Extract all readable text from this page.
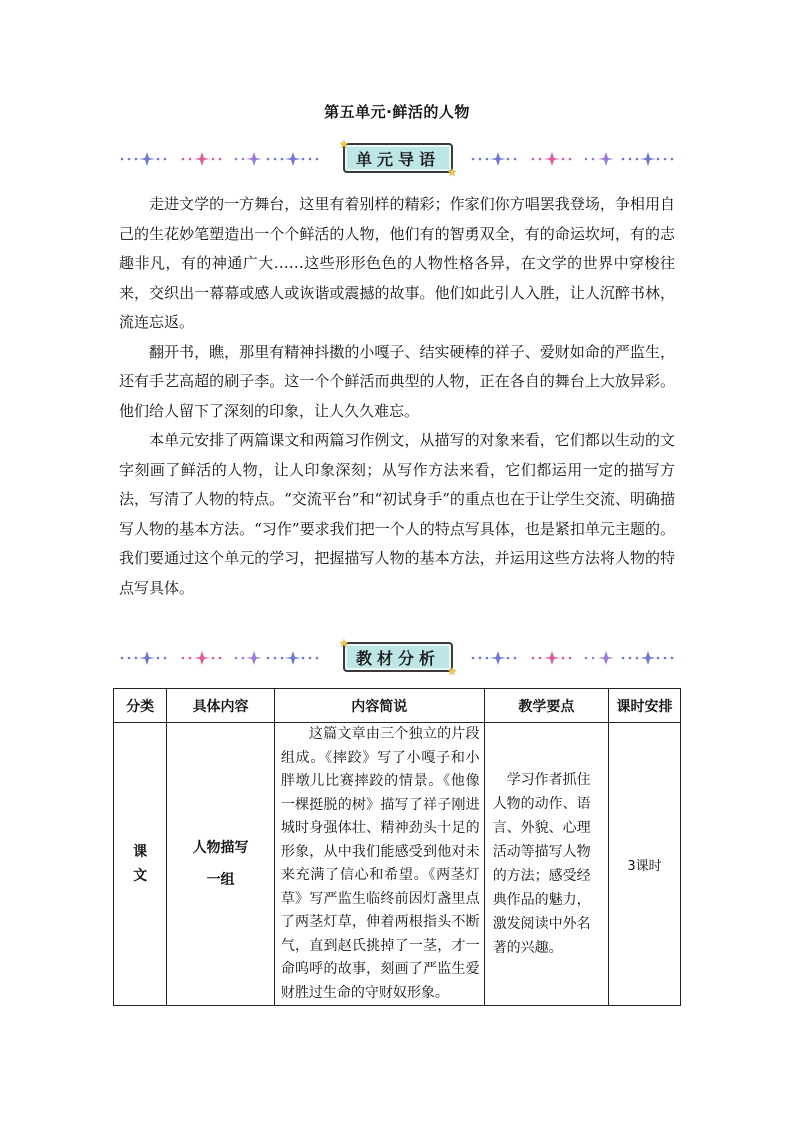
第五单元·鲜活的人物
★
单元导语
★

走进文学的一方舞台，这里有着别样的精彩；作家们你方唱罢我登场，争相用自己的生花妙笔塑造出一个个鲜活的人物，他们有的智勇双全，有的命运坎坷，有的志趣非凡，有的神通广大……这些形形色色的人物性格各异，在文学的世界中穿梭往来，交织出一幕幕或感人或诙谐或震撼的故事。他们如此引人入胜，让人沉醉书林，流连忘返。

翻开书，瞧，那里有精神抖擞的小嘎子、结实硬棒的祥子、爱财如命的严监生，还有手艺高超的刷子李。这一个个鲜活而典型的人物，正在各自的舞台上大放异彩。他们给人留下了深刻的印象，让人久久难忘。

本单元安排了两篇课文和两篇习作例文，从描写的对象来看，它们都以生动的文字刻画了鲜活的人物，让人印象深刻；从写作方法来看，它们都运用一定的描写方法，写清了人物的特点。“交流平台”和“初试身手”的重点也在于让学生交流、明确描写人物的基本方法。“习作”要求我们把一个人的特点写具体，也是紧扣单元主题的。我们要通过这个单元的学习，把握描写人物的基本方法，并运用这些方法将人物的特点写具体。

★
教材分析
★
分类	具体内容	内容简说	教学要点	课时安排
课文	人物描写一组	这篇文章由三个独立的片段组成。《摔跤》写了小嘎子和小胖墩儿比赛摔跤的情景。《他像一棵挺脱的树》描写了祥子刚进城时身强体壮、精神劲头十足的形象，从中我们能感受到他对未来充满了信心和希望。《两茎灯草》写严监生临终前因灯盏里点了两茎灯草，伸着两根指头不断气，直到赵氏挑掉了一茎，才一命呜呼的故事，刻画了严监生爱财胜过生命的守财奴形象。	学习作者抓住人物的动作、语言、外貌、心理活动等描写人物的方法；感受经典作品的魅力，激发阅读中外名著的兴趣。	3课时
